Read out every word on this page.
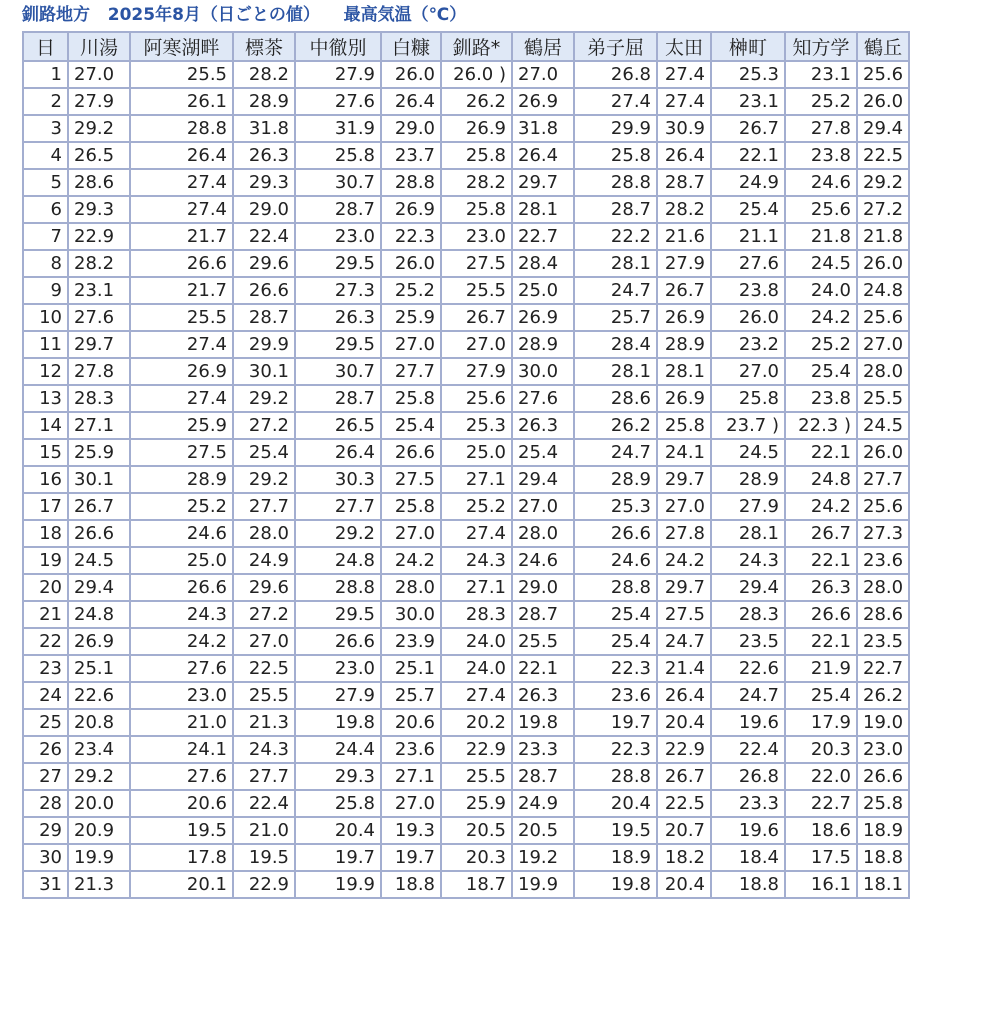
釧路地方 2025年8月（日ごとの値） 最高気温（℃）
日	川湯	阿寒湖畔	標茶	中徹別	白糠	釧路*	鶴居	弟子屈	太田	榊町	知方学	鶴丘
1	27.0	25.5	28.2	27.9	26.0	26.0 )	27.0	26.8	27.4	25.3	23.1	25.6
2	27.9	26.1	28.9	27.6	26.4	26.2	26.9	27.4	27.4	23.1	25.2	26.0
3	29.2	28.8	31.8	31.9	29.0	26.9	31.8	29.9	30.9	26.7	27.8	29.4
4	26.5	26.4	26.3	25.8	23.7	25.8	26.4	25.8	26.4	22.1	23.8	22.5
5	28.6	27.4	29.3	30.7	28.8	28.2	29.7	28.8	28.7	24.9	24.6	29.2
6	29.3	27.4	29.0	28.7	26.9	25.8	28.1	28.7	28.2	25.4	25.6	27.2
7	22.9	21.7	22.4	23.0	22.3	23.0	22.7	22.2	21.6	21.1	21.8	21.8
8	28.2	26.6	29.6	29.5	26.0	27.5	28.4	28.1	27.9	27.6	24.5	26.0
9	23.1	21.7	26.6	27.3	25.2	25.5	25.0	24.7	26.7	23.8	24.0	24.8
10	27.6	25.5	28.7	26.3	25.9	26.7	26.9	25.7	26.9	26.0	24.2	25.6
11	29.7	27.4	29.9	29.5	27.0	27.0	28.9	28.4	28.9	23.2	25.2	27.0
12	27.8	26.9	30.1	30.7	27.7	27.9	30.0	28.1	28.1	27.0	25.4	28.0
13	28.3	27.4	29.2	28.7	25.8	25.6	27.6	28.6	26.9	25.8	23.8	25.5
14	27.1	25.9	27.2	26.5	25.4	25.3	26.3	26.2	25.8	23.7 )	22.3 )	24.5
15	25.9	27.5	25.4	26.4	26.6	25.0	25.4	24.7	24.1	24.5	22.1	26.0
16	30.1	28.9	29.2	30.3	27.5	27.1	29.4	28.9	29.7	28.9	24.8	27.7
17	26.7	25.2	27.7	27.7	25.8	25.2	27.0	25.3	27.0	27.9	24.2	25.6
18	26.6	24.6	28.0	29.2	27.0	27.4	28.0	26.6	27.8	28.1	26.7	27.3
19	24.5	25.0	24.9	24.8	24.2	24.3	24.6	24.6	24.2	24.3	22.1	23.6
20	29.4	26.6	29.6	28.8	28.0	27.1	29.0	28.8	29.7	29.4	26.3	28.0
21	24.8	24.3	27.2	29.5	30.0	28.3	28.7	25.4	27.5	28.3	26.6	28.6
22	26.9	24.2	27.0	26.6	23.9	24.0	25.5	25.4	24.7	23.5	22.1	23.5
23	25.1	27.6	22.5	23.0	25.1	24.0	22.1	22.3	21.4	22.6	21.9	22.7
24	22.6	23.0	25.5	27.9	25.7	27.4	26.3	23.6	26.4	24.7	25.4	26.2
25	20.8	21.0	21.3	19.8	20.6	20.2	19.8	19.7	20.4	19.6	17.9	19.0
26	23.4	24.1	24.3	24.4	23.6	22.9	23.3	22.3	22.9	22.4	20.3	23.0
27	29.2	27.6	27.7	29.3	27.1	25.5	28.7	28.8	26.7	26.8	22.0	26.6
28	20.0	20.6	22.4	25.8	27.0	25.9	24.9	20.4	22.5	23.3	22.7	25.8
29	20.9	19.5	21.0	20.4	19.3	20.5	20.5	19.5	20.7	19.6	18.6	18.9
30	19.9	17.8	19.5	19.7	19.7	20.3	19.2	18.9	18.2	18.4	17.5	18.8
31	21.3	20.1	22.9	19.9	18.8	18.7	19.9	19.8	20.4	18.8	16.1	18.1
